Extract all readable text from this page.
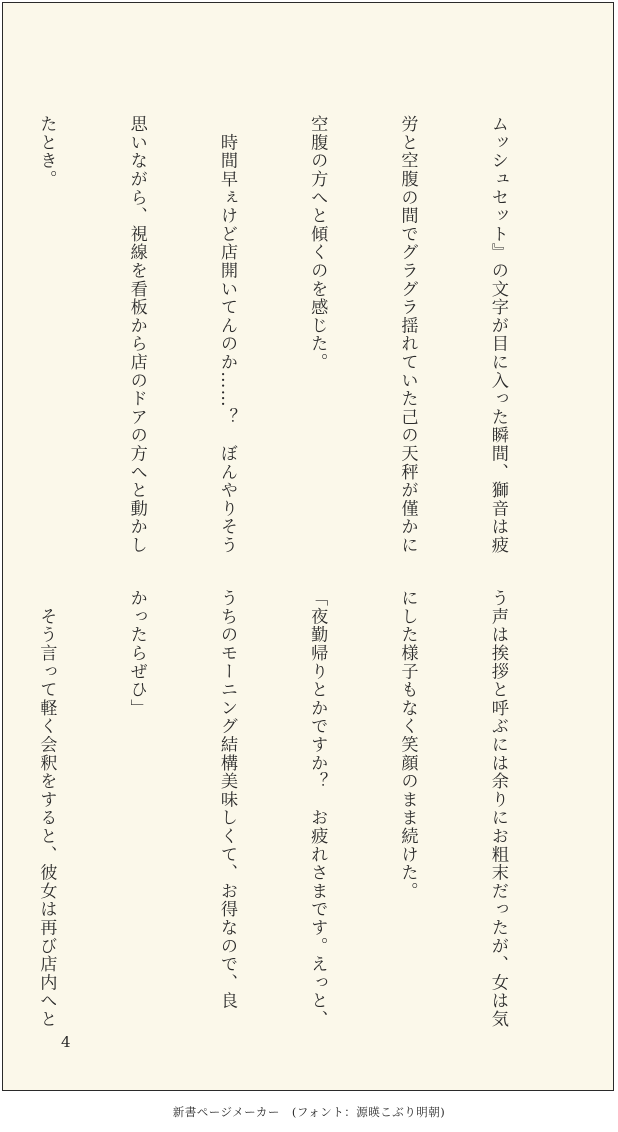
ムッシュセット』の文字が目に入った瞬間、獅音は疲

労と空腹の間でグラグラ揺れていた己の天秤が僅かに

空腹の方へと傾くのを感じた。

　時間早ぇけど店開いてんのか……？　ぼんやりそう

思いながら、視線を看板から店のドアの方へと動かし

たとき。

う声は挨拶と呼ぶには余りにお粗末だったが、女は気

にした様子もなく笑顔のまま続けた。

「夜勤帰りとかですか？　お疲れさまです。えっと、

うちのモーニング結構美味しくて、お得なので、良

かったらぜひ」

　そう言って軽く会釈をすると、彼女は再び店内へと

4
新書ページメーカー　(フォント：源暎こぶり明朝)
